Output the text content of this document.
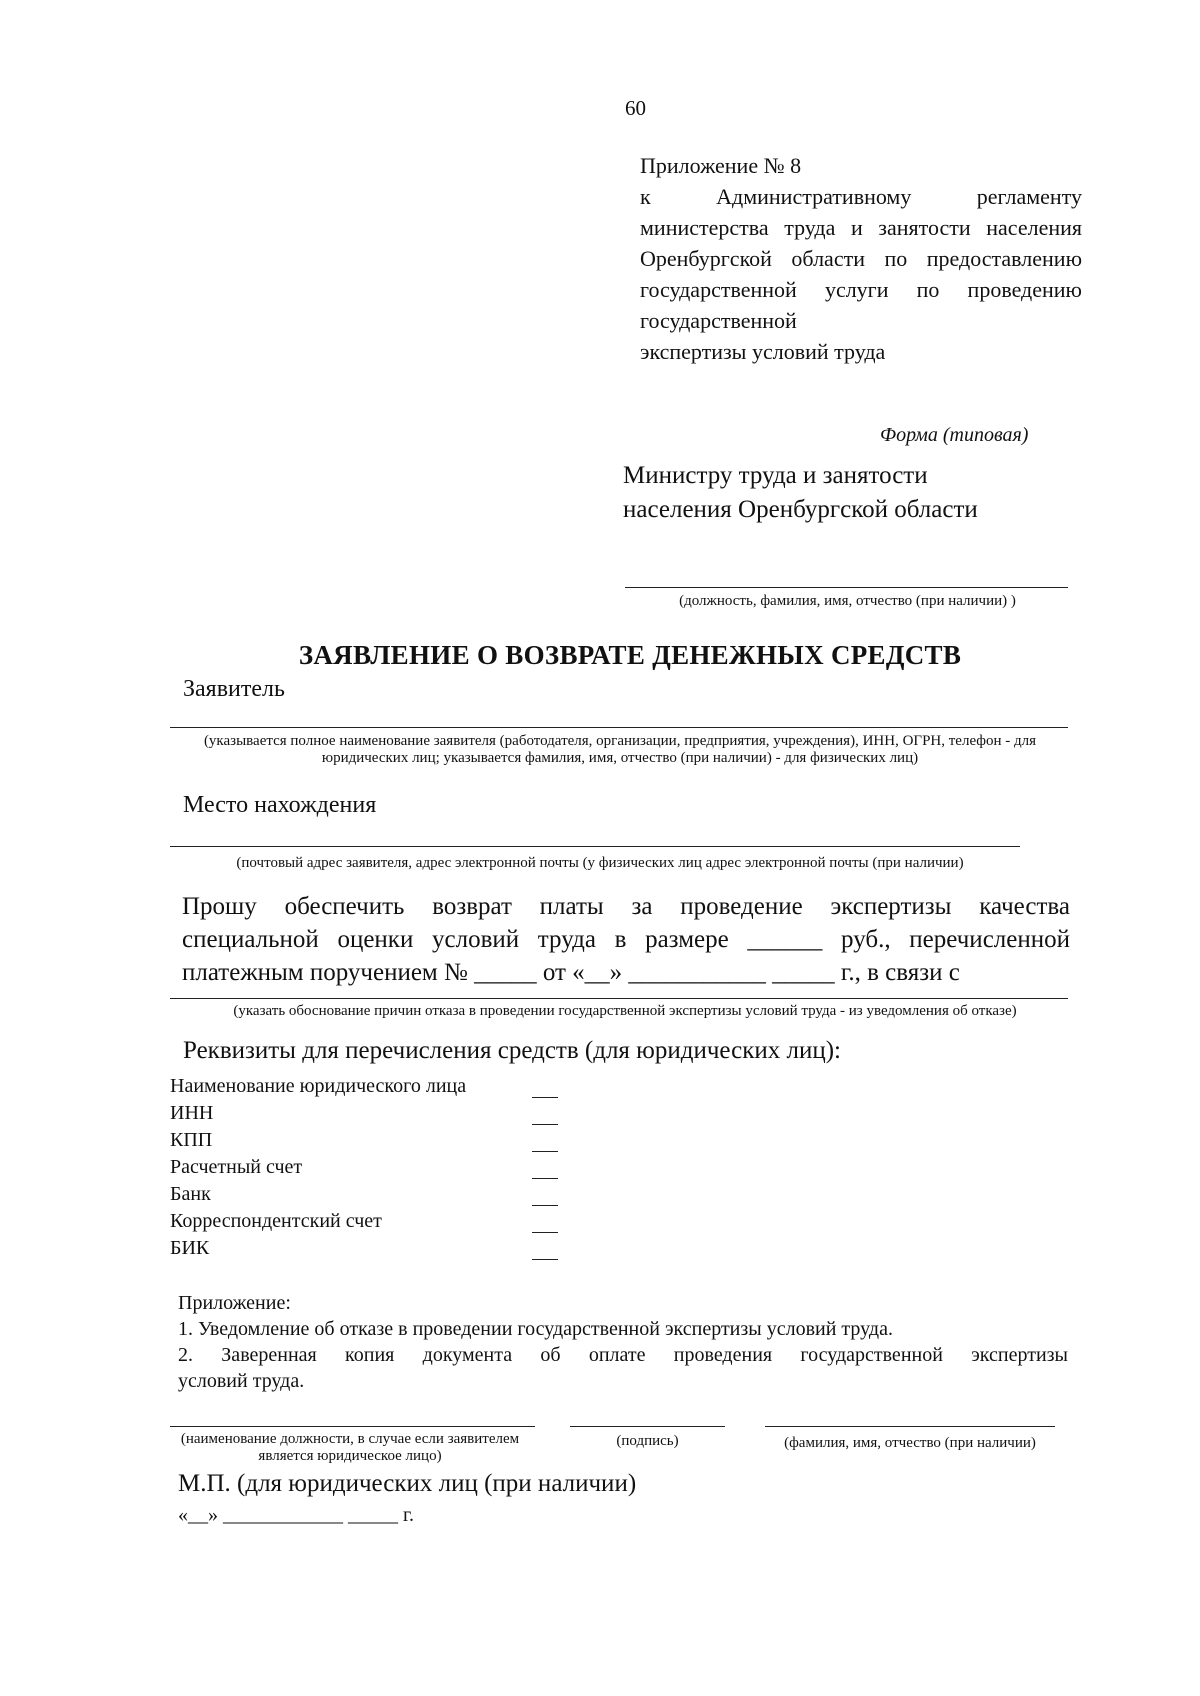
60
Приложение № 8
к Административному регламенту министерства труда и занятости населения Оренбургской области по предоставлению государственной услуги по проведению государственной
экспертизы условий труда
Форма (типовая)
Министру труда и занятости
населения Оренбургской области
(должность, фамилия, имя, отчество (при наличии) )
ЗАЯВЛЕНИЕ О ВОЗВРАТЕ ДЕНЕЖНЫХ СРЕДСТВ
Заявитель
(указывается полное наименование заявителя (работодателя, организации, предприятия, учреждения), ИНН, ОГРН, телефон - для юридических лиц; указывается фамилия, имя, отчество (при наличии) - для физических лиц)
Место нахождения
(почтовый адрес заявителя, адрес электронной почты (у физических лиц адрес электронной почты (при наличии)
Прошу обеспечить возврат платы за проведение экспертизы качества
специальной оценки условий труда в размере ______ руб., перечисленной
платежным поручением № _____ от «__» ___________ _____ г., в связи с
(указать обоснование причин отказа в проведении государственной экспертизы условий труда - из уведомления об отказе)
Реквизиты для перечисления средств (для юридических лиц):
Наименование юридического лица
ИНН
КПП
Расчетный счет
Банк
Корреспондентский счет
БИК
Приложение:
1. Уведомление об отказе в проведении государственной экспертизы условий труда.
2. Заверенная копия документа об оплате проведения государственной экспертизы
условий труда.
(наименование должности, в случае если заявителем является юридическое лицо)
(подпись)	(фамилия, имя, отчество (при наличии)
М.П. (для юридических лиц (при наличии)
«__» ____________ _____ г.
